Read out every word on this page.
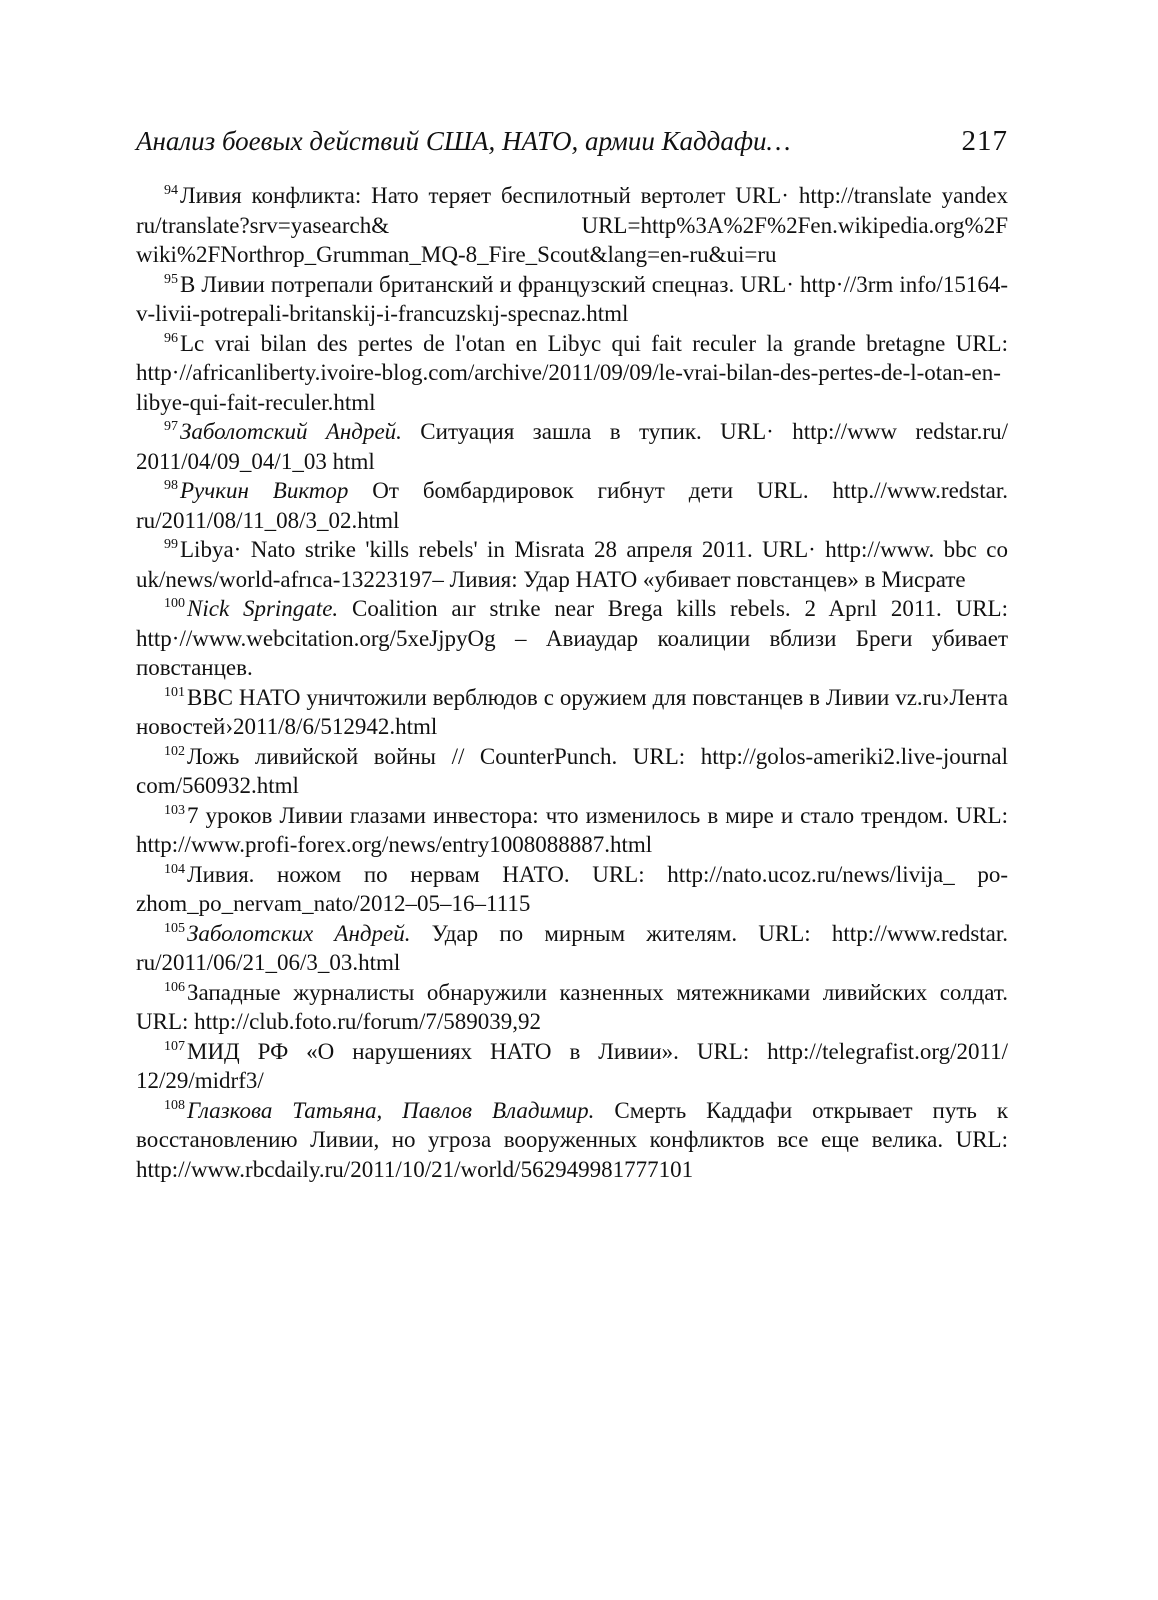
Анализ боевых действий США, НАТО, армии Каддафи…	217

$^{94}$Ливия конфликта: Нато теряет беспилотный вертолет URL· http://translate yandex ru/translate?srv=yasearch& URL=http%3A%2F%2Fen.wikipedia.org%2F wiki%2FNorthrop_Grumman_MQ-8_Fire_Scout&lang=en-ru&ui=ru

$^{95}$В Ливии потрепали британский и французский спецназ. URL· http·//3rm info/15164-v-livii-potrepali-britanskij-i-francuzskıj-specnaz.html

$^{96}$Lc vrai bilan des pertes de l'otan en Libyc qui fait reculer la grande bretagne URL: http·//africanliberty.ivoire-blog.com/archive/2011/09/09/le-vrai-bilan-des-pertes-de-l-otan-en-libye-qui-fait-reculer.html

$^{97}$Заболотский Андрей. Ситуация зашла в тупик. URL· http://www redstar.ru/ 2011/04/09_04/1_03 html

$^{98}$Ручкин Виктор От бомбардировок гибнут дети URL. http.//www.redstar. ru/2011/08/11_08/3_02.html

$^{99}$Libya· Nato strike 'kills rebels' in Misrata 28 апреля 2011. URL· http://www. bbc co uk/news/world-afrıca-13223197– Ливия: Удар НАТО «убивает повстанцев» в Мисрате

$^{100}$Nick Springate. Coalition aır strıke near Brega kills rebels. 2 Aprıl 2011. URL: http·//www.webcitation.org/5xeJjpyOg – Авиаудар коалиции вблизи Бреги убивает повстанцев.

$^{101}$ВВС НАТО уничтожили верблюдов с оружием для повстанцев в Ливии vz.ru›Лента новостей›2011/8/6/512942.html

$^{102}$Ложь ливийской войны // CounterPunch. URL: http://golos-ameriki2.live-journal com/560932.html

$^{103}$7 уроков Ливии глазами инвестора: что изменилось в мире и стало трендом. URL: http://www.profi-forex.org/news/entry1008088887.html

$^{104}$Ливия. ножом по нервам НАТО. URL: http://nato.ucoz.ru/news/livija_ po-zhom_po_nervam_nato/2012–05–16–1115

$^{105}$Заболотских Андрей. Удар по мирным жителям. URL: http://www.redstar. ru/2011/06/21_06/3_03.html

$^{106}$Западные журналисты обнаружили казненных мятежниками ливийских солдат. URL: http://club.foto.ru/forum/7/589039,92

$^{107}$МИД РФ «О нарушениях НАТО в Ливии». URL: http://telegrafist.org/2011/ 12/29/midrf3/

$^{108}$Глазкова Татьяна, Павлов Владимир. Смерть Каддафи открывает путь к восстановлению Ливии, но угроза вооруженных конфликтов все еще велика. URL: http://www.rbcdaily.ru/2011/10/21/world/562949981777101
